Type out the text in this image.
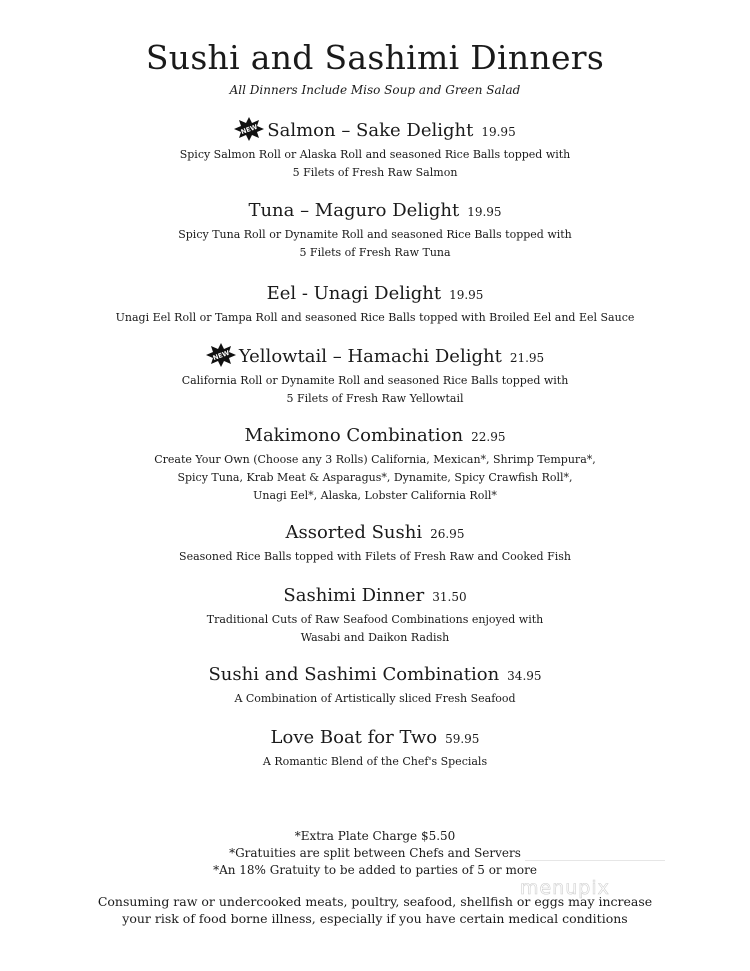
Sushi and Sashimi Dinners
All Dinners Include Miso Soup and Green Salad
NEW Salmon – Sake Delight 19.95
Spicy Salmon Roll or Alaska Roll and seasoned Rice Balls topped with
5 Filets of Fresh Raw Salmon
Tuna – Maguro Delight 19.95
Spicy Tuna Roll or Dynamite Roll and seasoned Rice Balls topped with
5 Filets of Fresh Raw Tuna
Eel - Unagi Delight 19.95
Unagi Eel Roll or Tampa Roll and seasoned Rice Balls topped with Broiled Eel and Eel Sauce
NEW Yellowtail – Hamachi Delight 21.95
California Roll or Dynamite Roll and seasoned Rice Balls topped with
5 Filets of Fresh Raw Yellowtail
Makimono Combination 22.95
Create Your Own (Choose any 3 Rolls) California, Mexican*, Shrimp Tempura*,
Spicy Tuna, Krab Meat & Asparagus*, Dynamite, Spicy Crawfish Roll*,
Unagi Eel*, Alaska, Lobster California Roll*
Assorted Sushi 26.95
Seasoned Rice Balls topped with Filets of Fresh Raw and Cooked Fish
Sashimi Dinner 31.50
Traditional Cuts of Raw Seafood Combinations enjoyed with
Wasabi and Daikon Radish
Sushi and Sashimi Combination 34.95
A Combination of Artistically sliced Fresh Seafood
Love Boat for Two 59.95
A Romantic Blend of the Chef's Specials
menupix
*Extra Plate Charge $5.50
*Gratuities are split between Chefs and Servers
*An 18% Gratuity to be added to parties of 5 or more
Consuming raw or undercooked meats, poultry, seafood, shellfish or eggs may increase
your risk of food borne illness, especially if you have certain medical conditions
